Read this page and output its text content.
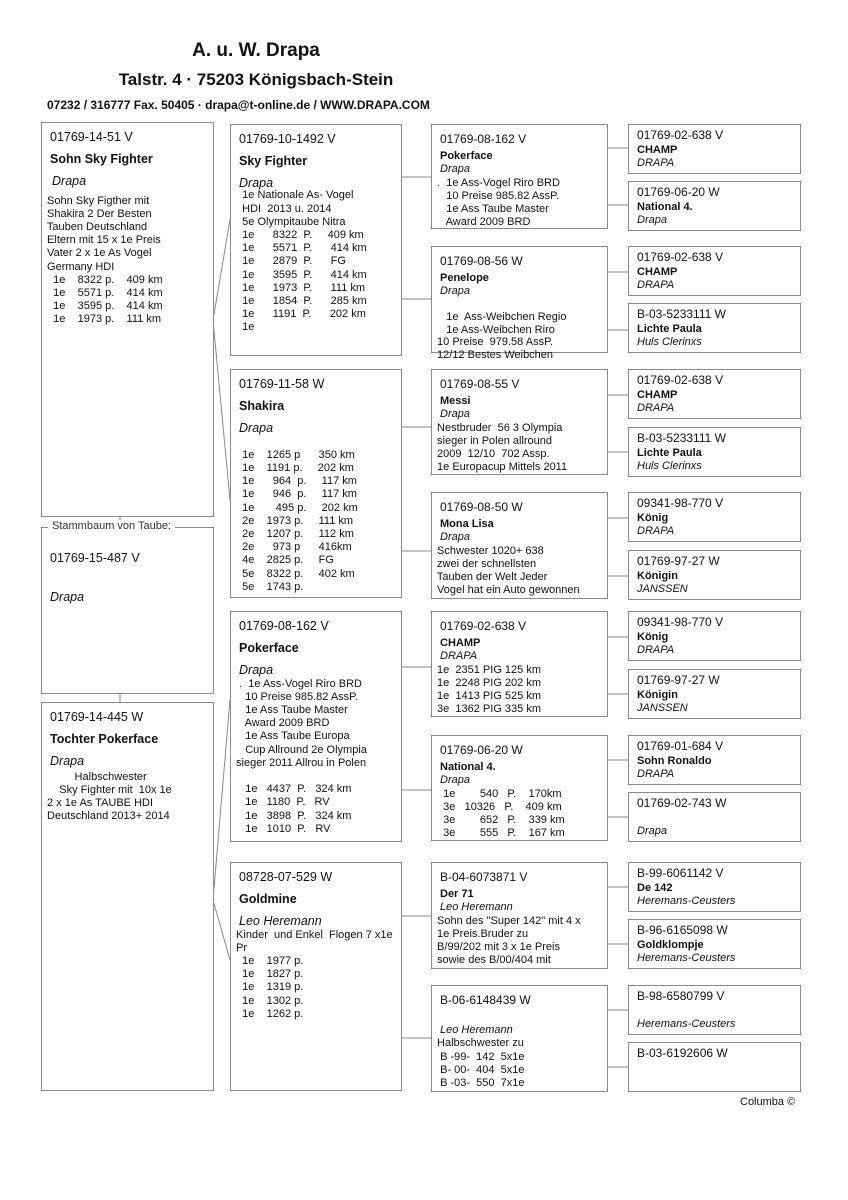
A. u. W. Drapa
Talstr. 4 · 75203 Königsbach-Stein
07232 / 316777 Fax. 50405 · drapa@t-online.de / WWW.DRAPA.COM
01769-14-51 V
Sohn Sky Fighter
Drapa
Sohn Sky Figther mit
Shakira 2 Der Besten
Tauben Deutschland
Eltern mit 15 x 1e Preis
Vater 2 x 1e As Vogel
Germany HDI
1e    8322 p.    409 km
1e    5571 p.    414 km
1e    3595 p.    414 km
1e    1973 p.    111 km
Stammbaum von Taube:
01769-15-487 V
Drapa
01769-14-445 W
Tochter Pokerface
Drapa
Halbschwester
Sky Fighter mit  10x 1e
2 x 1e As TAUBE HDI
Deutschland 2013+ 2014
01769-10-1492 V
Sky Fighter
Drapa
1e Nationale As- Vogel
HDI  2013 u. 2014
5e Olympitaube Nitra
1e      8322  P.     409 km
1e      5571  P.      414 km
1e      2879  P.      FG
1e      3595  P.      414 km
1e      1973  P.      111 km
1e      1854  P.      285 km
1e      1191  P.      202 km
1e
01769-11-58 W
Shakira
Drapa

1e    1265 p      350 km
1e    1191 p.     202 km
1e      964  p.     117 km
1e      946  p.     117 km
1e       495 p.     202 km
2e    1973 p.     111 km
2e    1207 p.     112 km
2e      973 p      416km
4e    2825 p.     FG
5e    8322 p.     402 km
5e    1743 p.
01769-08-162 V
Pokerface
Drapa
.  1e Ass-Vogel Riro BRD
10 Preise 985.82 AssP.
1e Ass Taube Master
Award 2009 BRD
1e Ass Taube Europa
Cup Allround 2e Olympia
sieger 2011 Allrou in Polen

1e   4437  P.   324 km
1e   1180  P.   RV
1e   3898  P.   324 km
1e   1010  P.   RV
08728-07-529 W
Goldmine
Leo Heremann
Kinder  und Enkel  Flogen 7 x1e
Pr
1e    1977 p.
1e    1827 p.
1e    1319 p.
1e    1302 p.
1e    1262 p.
01769-08-162 V
Pokerface
Drapa
.  1e Ass-Vogel Riro BRD
10 Preise 985.82 AssP.
1e Ass Taube Master
Award 2009 BRD
01769-08-56 W
Penelope
Drapa

1e  Ass-Weibchen Regio
1e Ass-Weibchen Riro
10 Preise  979.58 AssP.
12/12 Bestes Weibchen
01769-08-55 V
Messi
Drapa
Nestbruder  56 3 Olympia
sieger in Polen allround
2009  12/10  702 Assp.
1e Europacup Mittels 2011
01769-08-50 W
Mona Lisa
Drapa
Schwester 1020+ 638
zwei der schnellsten
Tauben der Welt Jeder
Vogel hat ein Auto gewonnen
01769-02-638 V
CHAMP
DRAPA
1e  2351 PIG 125 km
1e  2248 PIG 202 km
1e  1413 PIG 525 km
3e  1362 PIG 335 km
01769-06-20 W
National 4.
Drapa
1e        540   P.    170km
3e   10326   P.    409 km
3e        652   P.    339 km
3e        555   P.    167 km
B-04-6073871 V
Der 71
Leo Heremann
Sohn des "Super 142" mit 4 x
1e Preis.Bruder zu
B/99/202 mit 3 x 1e Preis
sowie des B/00/404 mit
B-06-6148439 W
Leo Heremann
Halbschwester zu
B -99-  142  5x1e
B- 00-  404  5x1e
B -03-  550  7x1e
01769-02-638 V
CHAMP
DRAPA
01769-06-20 W
National 4.
Drapa
01769-02-638 V
CHAMP
DRAPA
B-03-5233111 W
Lichte Paula
Huls Clerinxs
01769-02-638 V
CHAMP
DRAPA
B-03-5233111 W
Lichte Paula
Huls Clerinxs
09341-98-770 V
König
DRAPA
01769-97-27 W
Königin
JANSSEN
09341-98-770 V
König
DRAPA
01769-97-27 W
Königin
JANSSEN
01769-01-684 V
Sohn Ronaldo
DRAPA
01769-02-743 W
Drapa
B-99-6061142 V
De 142
Heremans-Ceusters
B-96-6165098 W
Goldklompje
Heremans-Ceusters
B-98-6580799 V
Heremans-Ceusters
B-03-6192606 W
Columba ©
